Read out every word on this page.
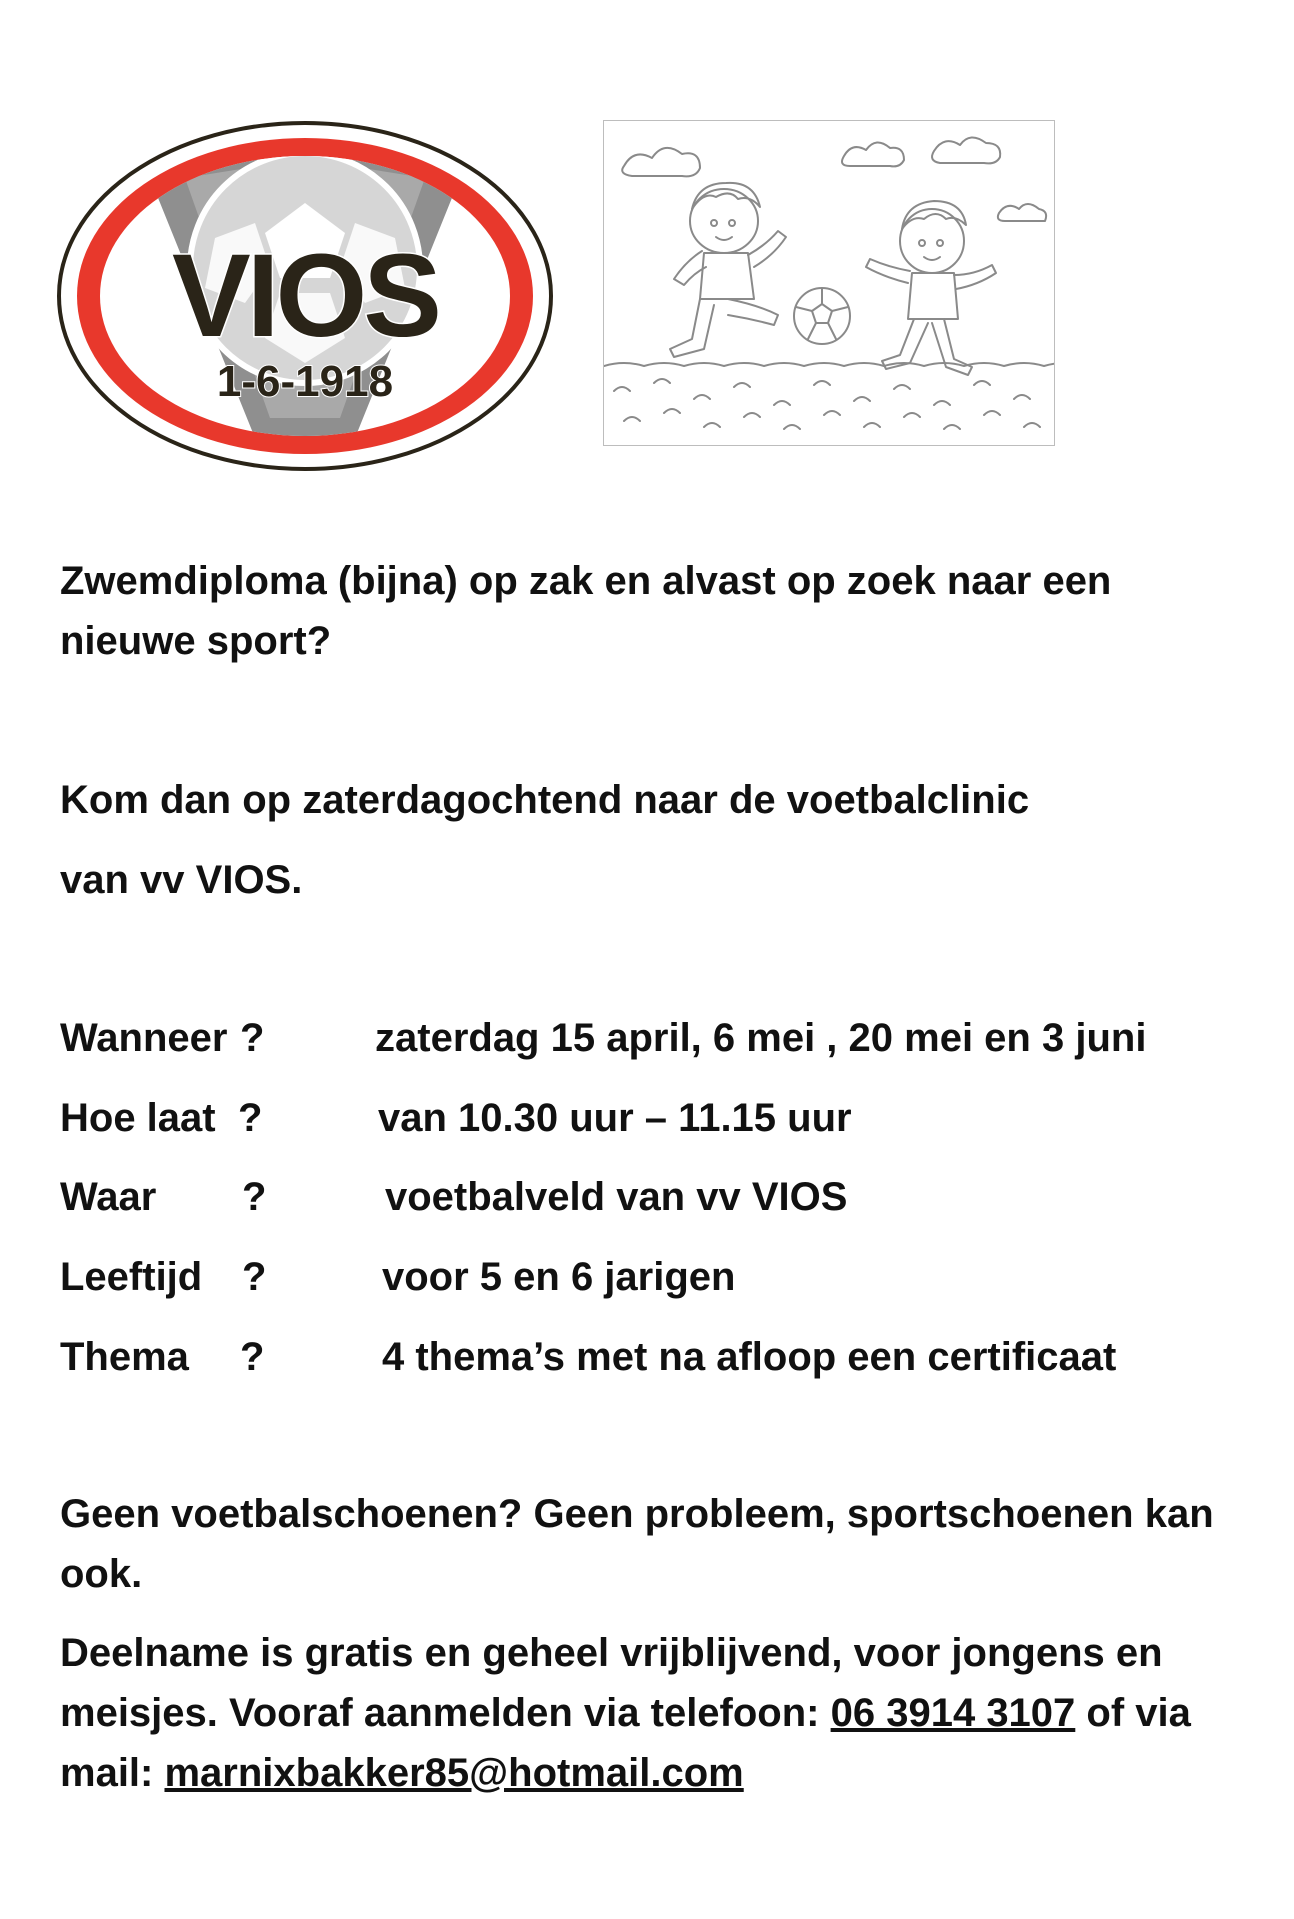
VIOS
1-6-1918
Zwemdiploma (bijna) op zak en alvast op zoek naar een
nieuwe sport?
Kom dan op zaterdagochtend naar de voetbalclinic
van vv VIOS.
Wanneer ?	zaterdag 15 april, 6 mei , 20 mei en 3 juni
Hoe laat ?	van 10.30 uur – 11.15 uur
Waar ?	voetbalveld van vv VIOS
Leeftijd ?	voor 5 en 6 jarigen
Thema ?	4 thema’s met na afloop een certificaat
Geen voetbalschoenen? Geen probleem, sportschoenen kan
ook.
Deelname is gratis en geheel vrijblijvend, voor jongens en
meisjes. Vooraf aanmelden via telefoon: 06 3914 3107 of via
mail: marnixbakker85@hotmail.com
